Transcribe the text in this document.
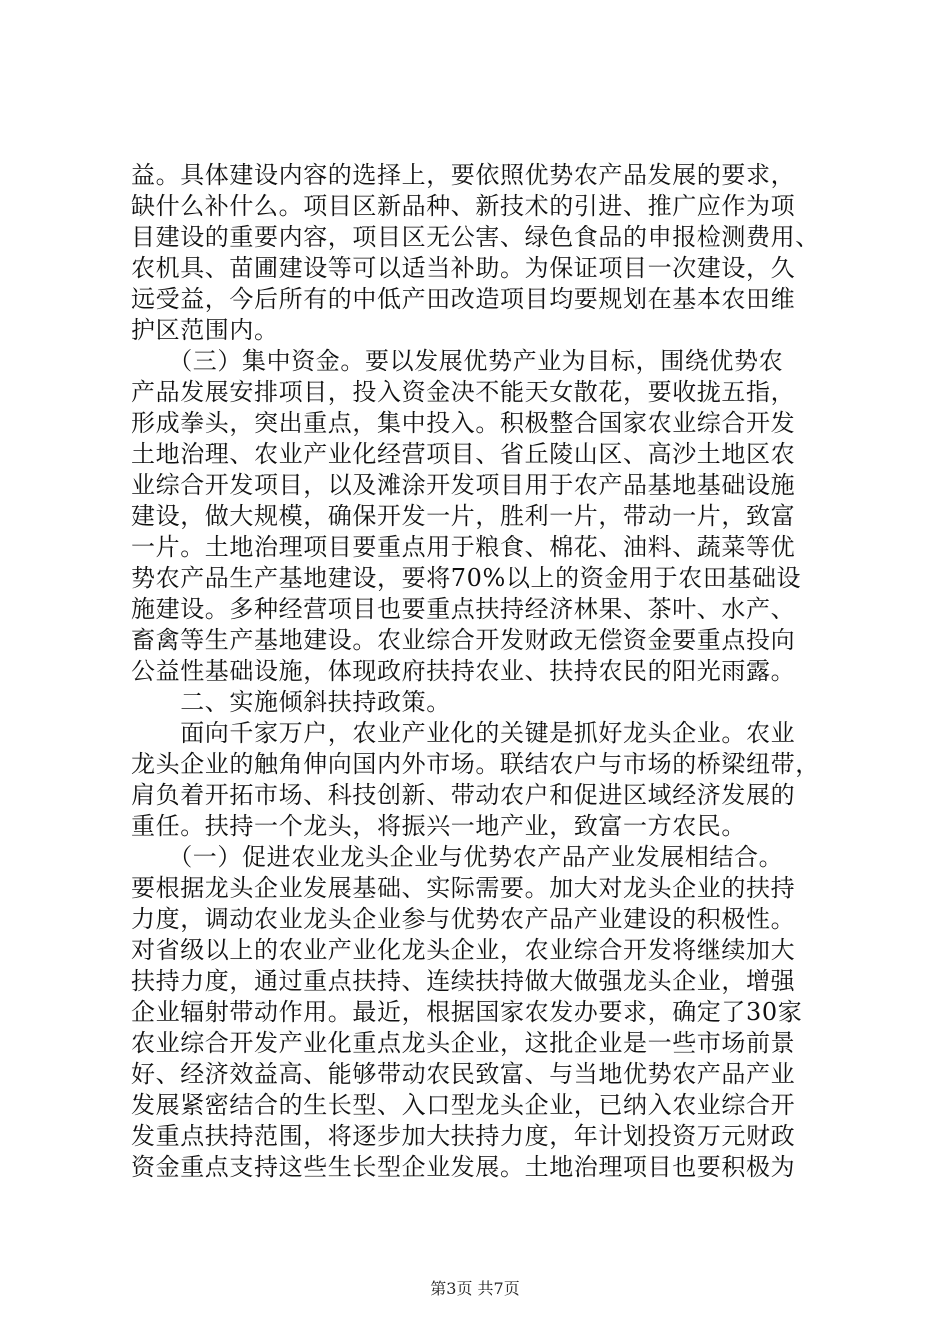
益。具体建设内容的选择上，要依照优势农产品发展的要求，
缺什么补什么。项目区新品种、新技术的引进、推广应作为项
目建设的重要内容，项目区无公害、绿色食品的申报检测费用、
农机具、苗圃建设等可以适当补助。为保证项目一次建设，久
远受益，今后所有的中低产田改造项目均要规划在基本农田维
护区范围内。
　　（三）集中资金。要以发展优势产业为目标，围绕优势农
产品发展安排项目，投入资金决不能天女散花，要收拢五指，
形成拳头，突出重点，集中投入。积极整合国家农业综合开发
土地治理、农业产业化经营项目、省丘陵山区、高沙土地区农
业综合开发项目，以及滩涂开发项目用于农产品基地基础设施
建设，做大规模，确保开发一片，胜利一片，带动一片，致富
一片。土地治理项目要重点用于粮食、棉花、油料、蔬菜等优
势农产品生产基地建设，要将70%以上的资金用于农田基础设
施建设。多种经营项目也要重点扶持经济林果、茶叶、水产、
畜禽等生产基地建设。农业综合开发财政无偿资金要重点投向
公益性基础设施，体现政府扶持农业、扶持农民的阳光雨露。
　　二、实施倾斜扶持政策。
　　面向千家万户，农业产业化的关键是抓好龙头企业。农业
龙头企业的触角伸向国内外市场。联结农户与市场的桥梁纽带，
肩负着开拓市场、科技创新、带动农户和促进区域经济发展的
重任。扶持一个龙头，将振兴一地产业，致富一方农民。
　　（一）促进农业龙头企业与优势农产品产业发展相结合。
要根据龙头企业发展基础、实际需要。加大对龙头企业的扶持
力度，调动农业龙头企业参与优势农产品产业建设的积极性。
对省级以上的农业产业化龙头企业，农业综合开发将继续加大
扶持力度，通过重点扶持、连续扶持做大做强龙头企业，增强
企业辐射带动作用。最近，根据国家农发办要求，确定了30家
农业综合开发产业化重点龙头企业，这批企业是一些市场前景
好、经济效益高、能够带动农民致富、与当地优势农产品产业
发展紧密结合的生长型、入口型龙头企业，已纳入农业综合开
发重点扶持范围，将逐步加大扶持力度，年计划投资万元财政
资金重点支持这些生长型企业发展。土地治理项目也要积极为
第3页 共7页
